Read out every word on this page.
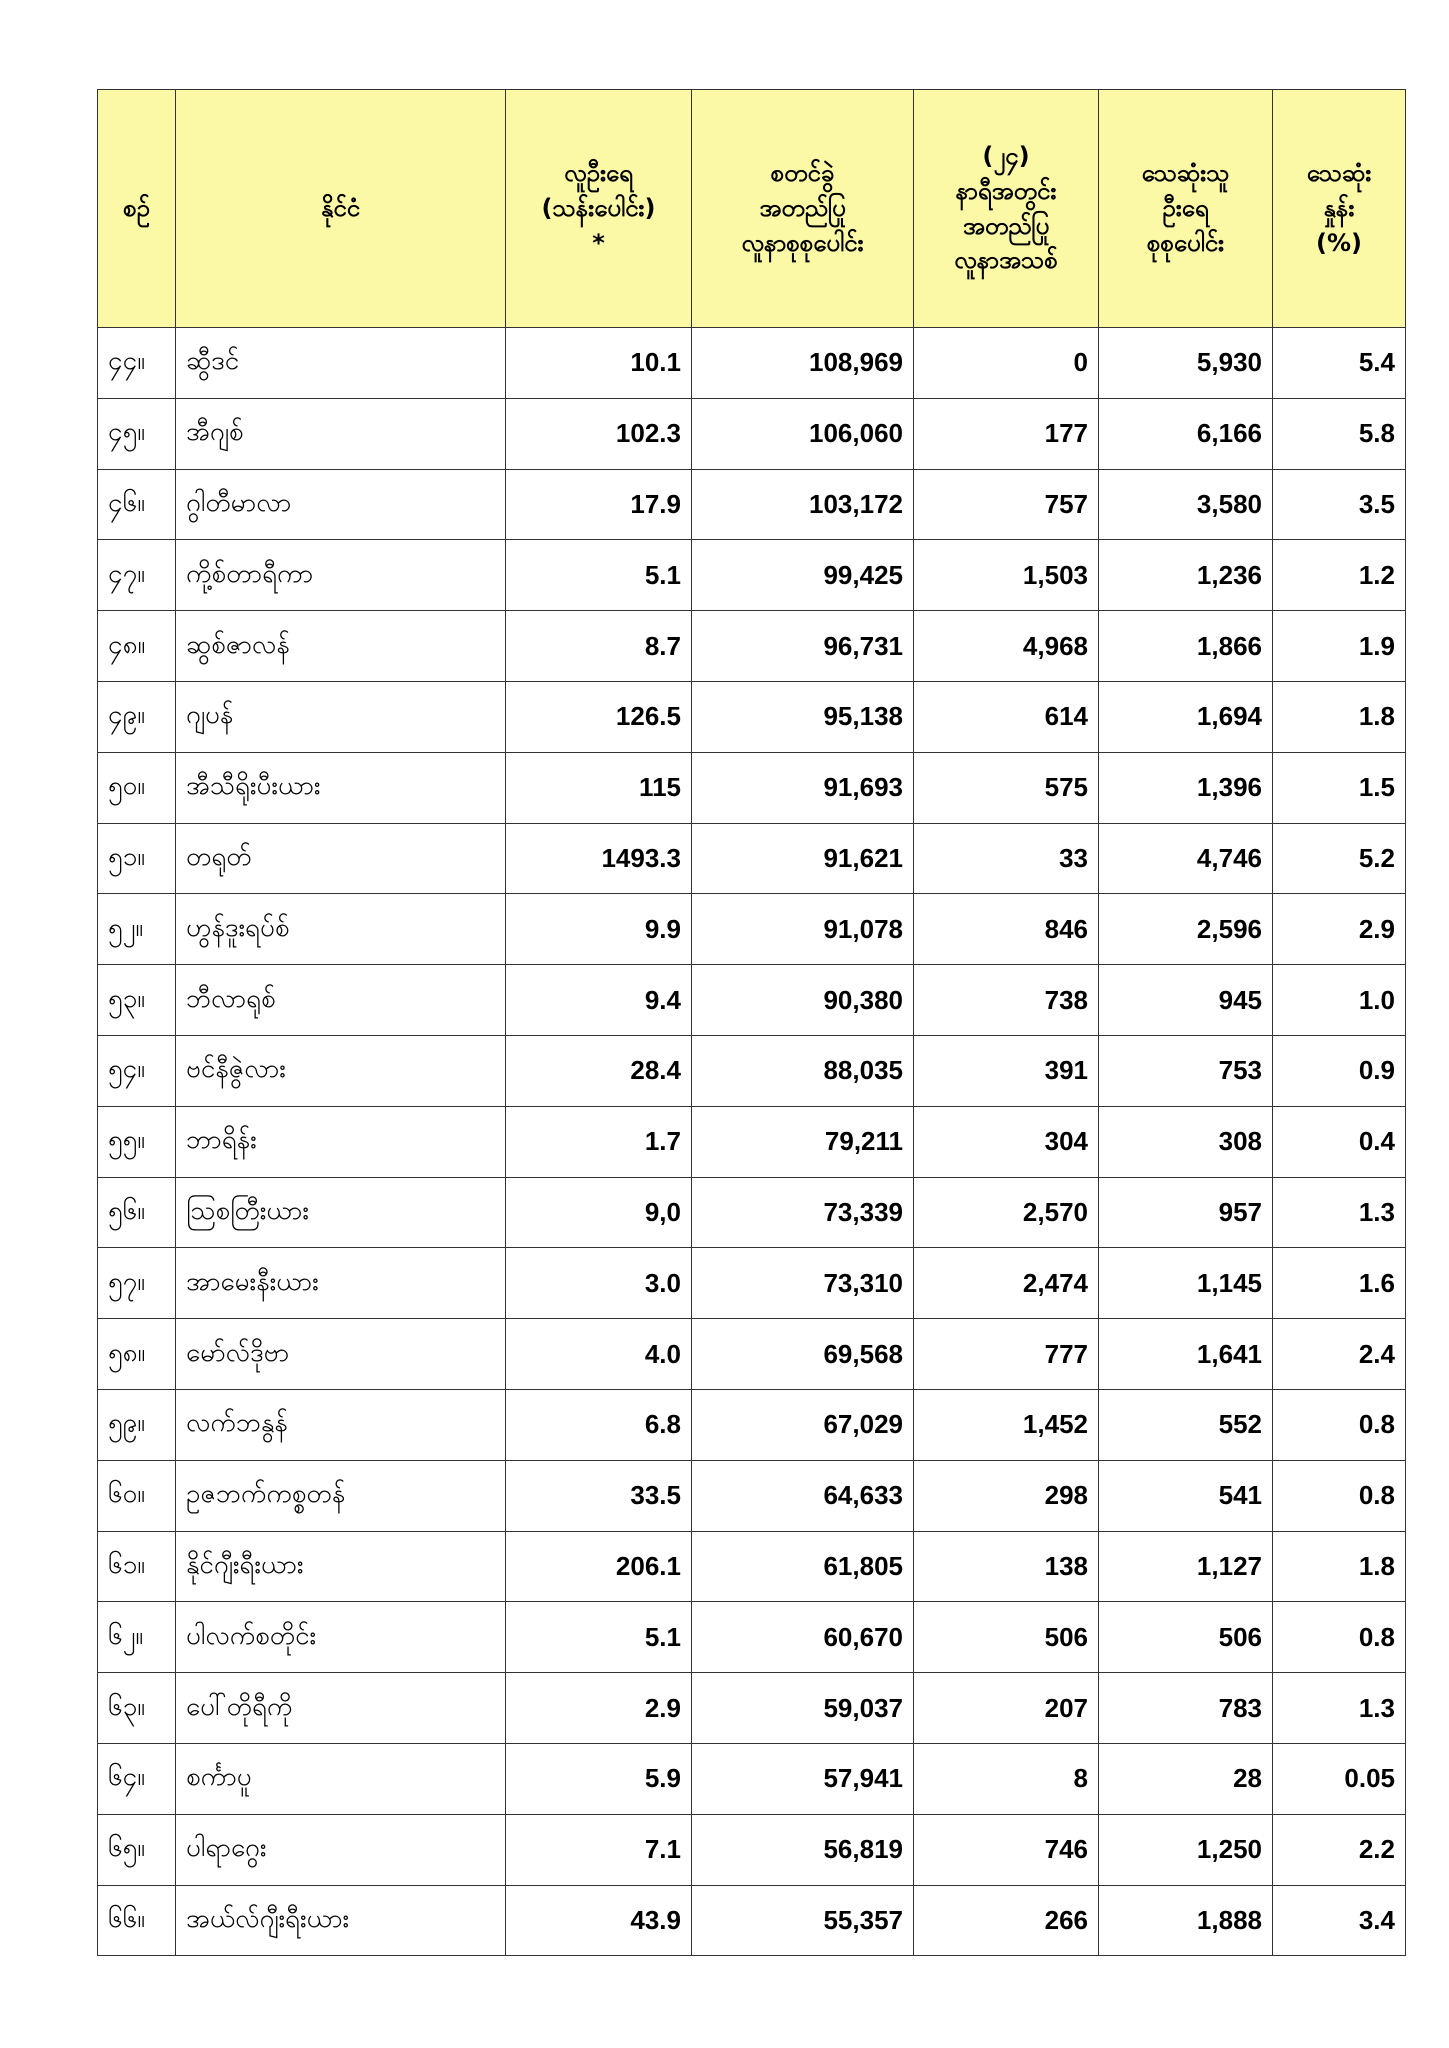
စဉ်	နိုင်ငံ	လူဦးရေ
(သန်းပေါင်း)
*	စတင်ခွဲ
အတည်ပြု
လူနာစုစုပေါင်း	(၂၄)
နာရီအတွင်း
အတည်ပြု
လူနာအသစ်	သေဆုံးသူ
ဦးရေ
စုစုပေါင်း	သေဆုံး
နှုန်း
(%)
၄၄။	ဆွီဒင်	10.1	108,969	0	5,930	5.4
၄၅။	အီဂျစ်	102.3	106,060	177	6,166	5.8
၄၆။	ဂွါတီမာလာ	17.9	103,172	757	3,580	3.5
၄၇။	ကို့စ်တာရီကာ	5.1	99,425	1,503	1,236	1.2
၄၈။	ဆွစ်ဇာလန်	8.7	96,731	4,968	1,866	1.9
၄၉။	ဂျပန်	126.5	95,138	614	1,694	1.8
၅၀။	အီသီရိုးပီးယား	115	91,693	575	1,396	1.5
၅၁။	တရုတ်	1493.3	91,621	33	4,746	5.2
၅၂။	ဟွန်ဒူးရပ်စ်	9.9	91,078	846	2,596	2.9
၅၃။	ဘီလာရုစ်	9.4	90,380	738	945	1.0
၅၄။	ဗင်နီဇွဲလား	28.4	88,035	391	753	0.9
၅၅။	ဘာရိန်း	1.7	79,211	304	308	0.4
၅၆။	သြစတြီးယား	9,0	73,339	2,570	957	1.3
၅၇။	အာမေးနီးယား	3.0	73,310	2,474	1,145	1.6
၅၈။	မော်လ်ဒိုဗာ	4.0	69,568	777	1,641	2.4
၅၉။	လက်ဘနွန်	6.8	67,029	1,452	552	0.8
၆၀။	ဥဇဘက်ကစ္စတန်	33.5	64,633	298	541	0.8
၆၁။	နိုင်ဂျီးရီးယား	206.1	61,805	138	1,127	1.8
၆၂။	ပါလက်စတိုင်း	5.1	60,670	506	506	0.8
၆၃။	ပေါ်တိုရီကို	2.9	59,037	207	783	1.3
၆၄။	စင်္ကာပူ	5.9	57,941	8	28	0.05
၆၅။	ပါရာဂွေး	7.1	56,819	746	1,250	2.2
၆၆။	အယ်လ်ဂျီးရီးယား	43.9	55,357	266	1,888	3.4
